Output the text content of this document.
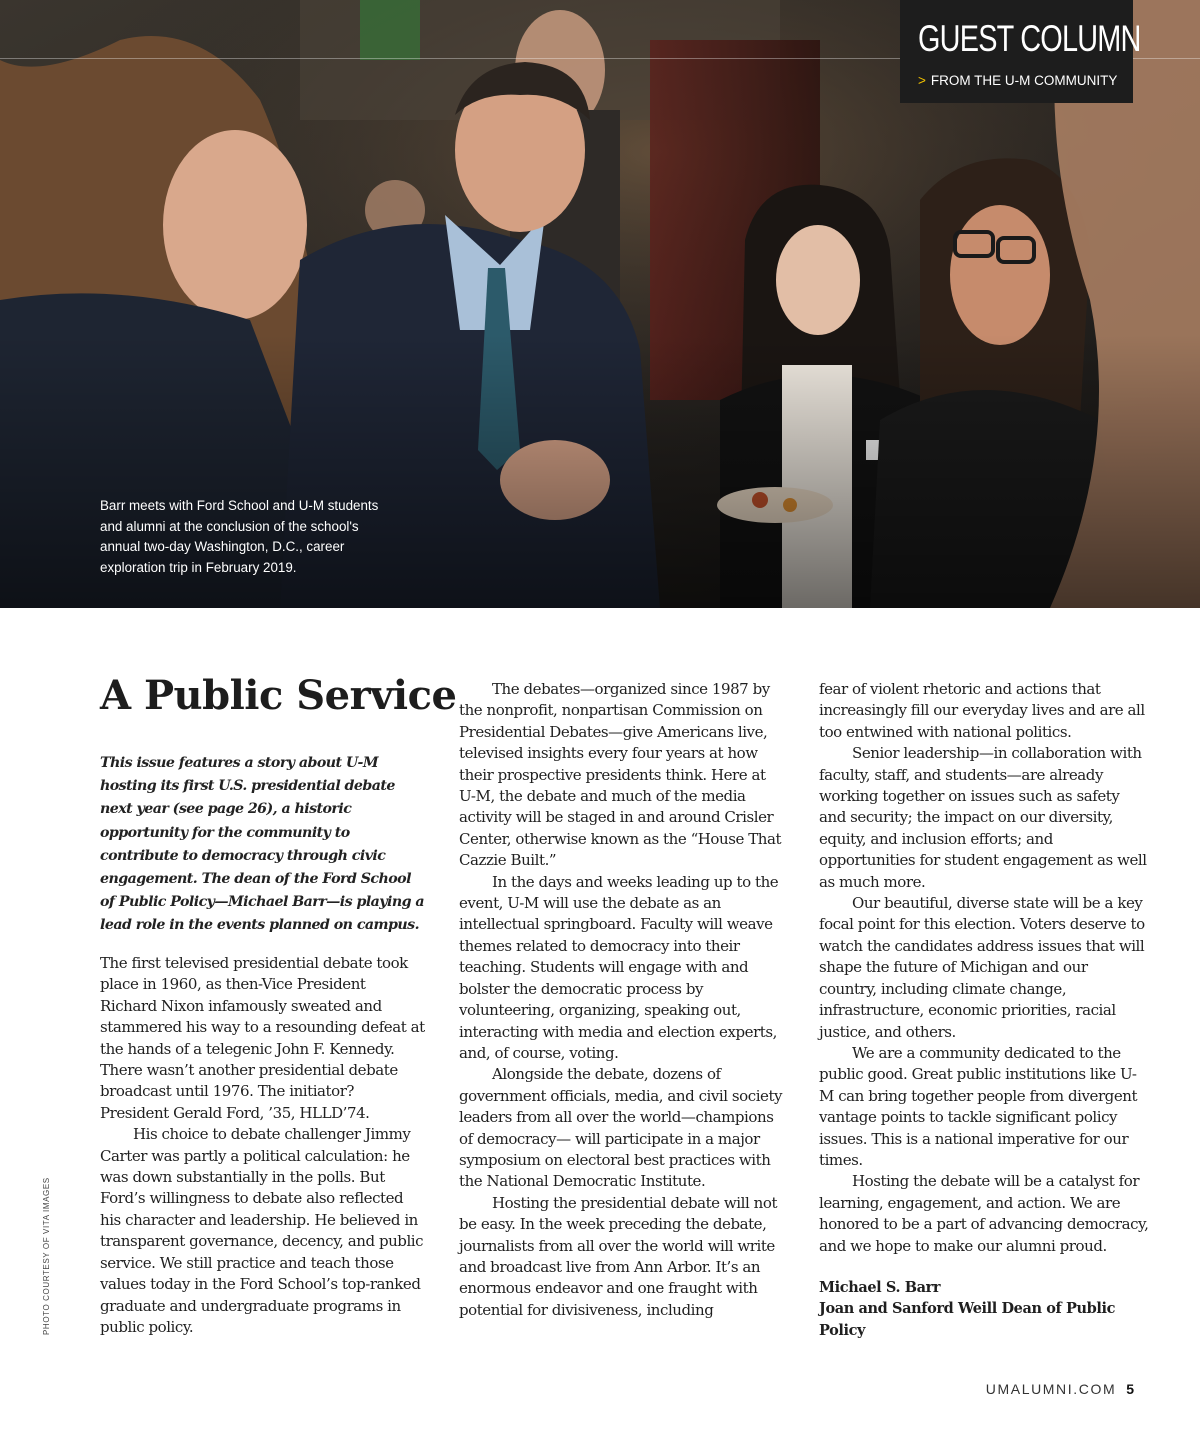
GUEST COLUMN
> FROM THE U-M COMMUNITY
Barr meets with Ford School and U-M students and alumni at the conclusion of the school's annual two-day Washington, D.C., career exploration trip in February 2019.
A Public Service
This issue features a story about U-M hosting its first U.S. presidential debate next year (see page 26), a historic opportunity for the community to contribute to democracy through civic engagement. The dean of the Ford School of Public Policy—Michael Barr—is playing a lead role in the events planned on campus.

The first televised presidential debate took place in 1960, as then-Vice President Richard Nixon infamously sweated and stammered his way to a resounding defeat at the hands of a telegenic John F. Kennedy. There wasn’t another presidential debate broadcast until 1976. The initiator? President Gerald Ford, ’35, HLLD’74.

His choice to debate challenger Jimmy Carter was partly a political calculation: he was down substantially in the polls. But Ford’s willingness to debate also reflected his character and leadership. He believed in transparent governance, decency, and public service. We still practice and teach those values today in the Ford School’s top-ranked graduate and undergraduate programs in public policy.

The debates—organized since 1987 by the nonprofit, nonpartisan Commission on Presidential Debates—give Americans live, televised insights every four years at how their prospective presidents think. Here at U-M, the debate and much of the media activity will be staged in and around Crisler Center, otherwise known as the “House That Cazzie Built.”

In the days and weeks leading up to the event, U-M will use the debate as an intellectual springboard. Faculty will weave themes related to democracy into their teaching. Students will engage with and bolster the democratic process by volunteering, organizing, speaking out, interacting with media and election experts, and, of course, voting.

Alongside the debate, dozens of government officials, media, and civil society leaders from all over the world—champions of democracy— will participate in a major symposium on electoral best practices with the National Democratic Institute.

Hosting the presidential debate will not be easy. In the week preceding the debate, journalists from all over the world will write and broadcast live from Ann Arbor. It’s an enormous endeavor and one fraught with potential for divisiveness, including

fear of violent rhetoric and actions that increasingly fill our everyday lives and are all too entwined with national politics.

Senior leadership—in collaboration with faculty, staff, and students—are already working together on issues such as safety and security; the impact on our diversity, equity, and inclusion efforts; and opportunities for student engagement as well as much more.

Our beautiful, diverse state will be a key focal point for this election. Voters deserve to watch the candidates address issues that will shape the future of Michigan and our country, including climate change, infrastructure, economic priorities, racial justice, and others.

We are a community dedicated to the public good. Great public institutions like U-M can bring together people from divergent vantage points to tackle significant policy issues. This is a national imperative for our times.

Hosting the debate will be a catalyst for learning, engagement, and action. We are honored to be a part of advancing democracy, and we hope to make our alumni proud.

Michael S. Barr
Joan and Sanford Weill Dean of Public Policy
PHOTO COURTESY OF VITA IMAGES
UMALUMNI.COM 5
